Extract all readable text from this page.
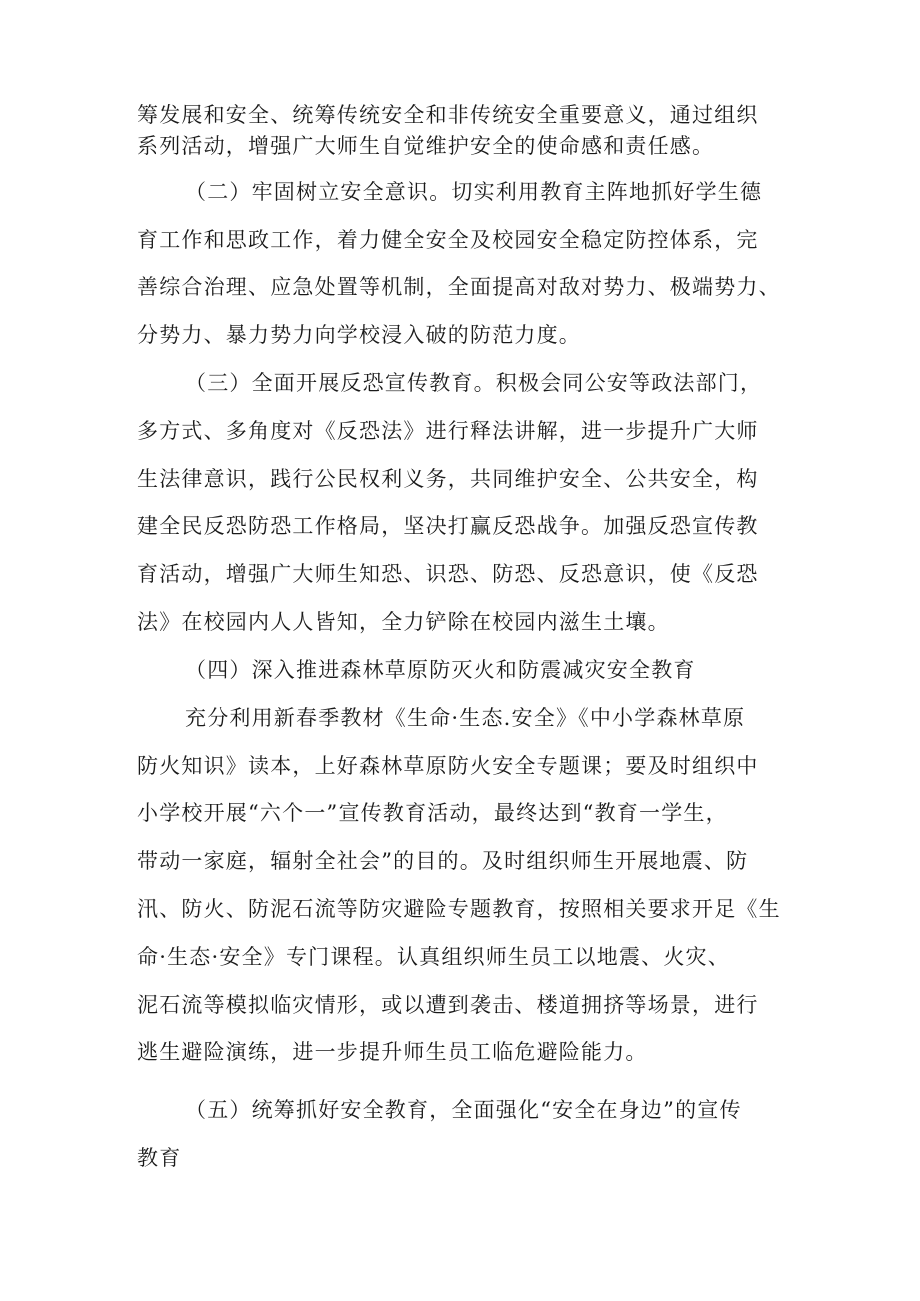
筹发展和安全、统筹传统安全和非传统安全重要意义，通过组织
系列活动，增强广大师生自觉维护安全的使命感和责任感。
（二）牢固树立安全意识。切实利用教育主阵地抓好学生德
育工作和思政工作，着力健全安全及校园安全稳定防控体系，完
善综合治理、应急处置等机制，全面提高对敌对势力、极端势力、
分势力、暴力势力向学校浸入破的防范力度。
（三）全面开展反恐宣传教育。积极会同公安等政法部门，
多方式、多角度对《反恐法》进行释法讲解，进一步提升广大师
生法律意识，践行公民权利义务，共同维护安全、公共安全，构
建全民反恐防恐工作格局，坚决打赢反恐战争。加强反恐宣传教
育活动，增强广大师生知恐、识恐、防恐、反恐意识，使《反恐
法》在校园内人人皆知，全力铲除在校园内滋生土壤。
（四）深入推进森林草原防灭火和防震减灾安全教育
充分利用新春季教材《生命·生态.安全》《中小学森林草原
防火知识》读本，上好森林草原防火安全专题课；要及时组织中
小学校开展“六个一”宣传教育活动，最终达到“教育一学生，
带动一家庭，辐射全社会”的目的。及时组织师生开展地震、防
汛、防火、防泥石流等防灾避险专题教育，按照相关要求开足《生
命·生态·安全》专门课程。认真组织师生员工以地震、火灾、
泥石流等模拟临灾情形，或以遭到袭击、楼道拥挤等场景，进行
逃生避险演练，进一步提升师生员工临危避险能力。
（五）统筹抓好安全教育，全面强化“安全在身边”的宣传
教育
